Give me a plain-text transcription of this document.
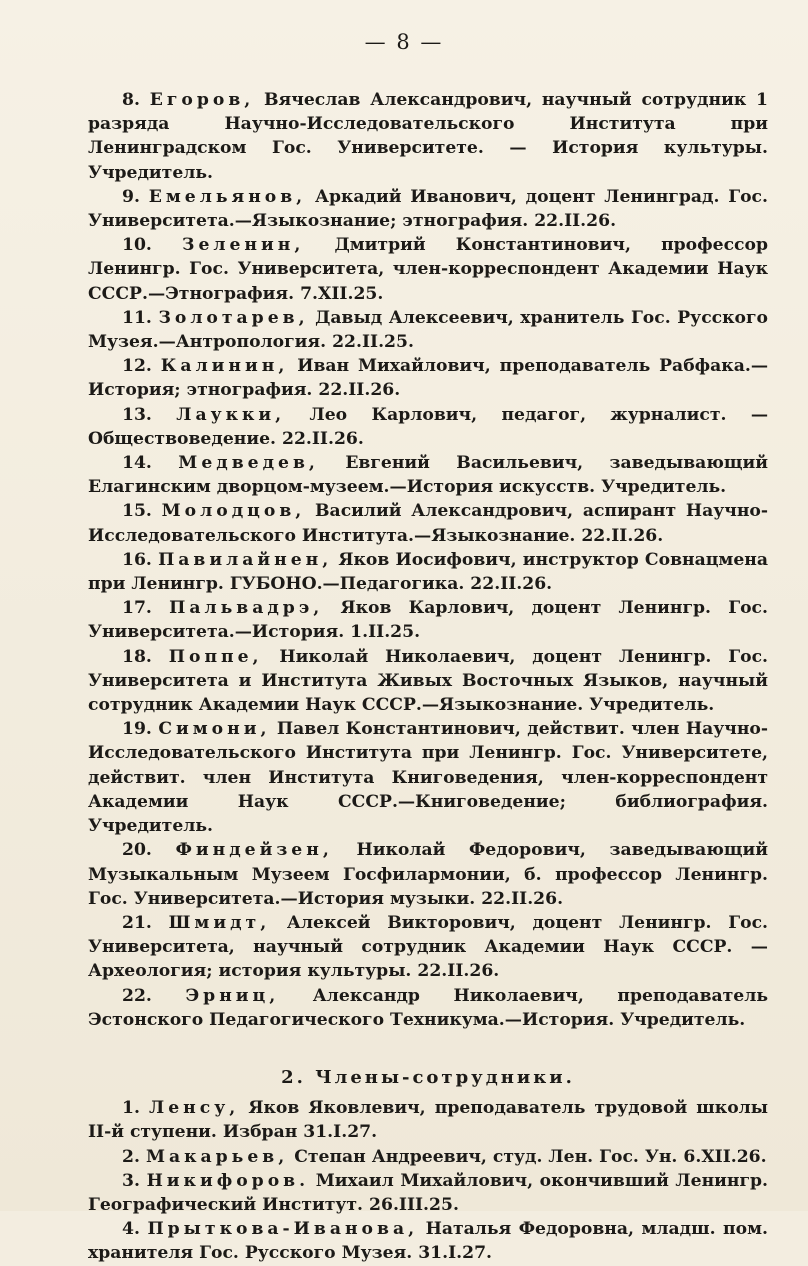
— 8 —
8. Егоров, Вячеслав Александрович, научный сотрудник 1 разряда Научно-Исследовательского Института при Ленинградском Гос. Университете. — История культуры. Учредитель.
9. Емельянов, Аркадий Иванович, доцент Ленинград. Гос. Университета.—Языкознание; этнография. 22.II.26.
10. Зеленин, Дмитрий Константинович, профессор Ленингр. Гос. Университета, член-корреспондент Академии Наук СССР.—Этнография. 7.XII.25.
11. Золотарев, Давыд Алексеевич, хранитель Гос. Русского Музея.—Антропология. 22.II.25.
12. Калинин, Иван Михайлович, преподаватель Рабфака.—История; этнография. 22.II.26.
13. Лаукки, Лео Карлович, педагог, журналист. — Обществоведение. 22.II.26.
14. Медведев, Евгений Васильевич, заведывающий Елагинским дворцом-музеем.—История искусств. Учредитель.
15. Молодцов, Василий Александрович, аспирант Научно-Исследовательского Института.—Языкознание. 22.II.26.
16. Павилайнен, Яков Иосифович, инструктор Совнацмена при Ленингр. ГУБОНО.—Педагогика. 22.II.26.
17. Пальвадрэ, Яков Карлович, доцент Ленингр. Гос. Университета.—История. 1.II.25.
18. Поппе, Николай Николаевич, доцент Ленингр. Гос. Университета и Института Живых Восточных Языков, научный сотрудник Академии Наук СССР.—Языкознание. Учредитель.
19. Симони, Павел Константинович, действит. член Научно-Исследовательского Института при Ленингр. Гос. Университете, действит. член Института Книговедения, член-корреспондент Академии Наук СССР.—Книговедение; библиография. Учредитель.
20. Финдейзен, Николай Федорович, заведывающий Музыкальным Музеем Госфилармонии, б. профессор Ленингр. Гос. Университета.—История музыки. 22.II.26.
21. Шмидт, Алексей Викторович, доцент Ленингр. Гос. Университета, научный сотрудник Академии Наук СССР. — Археология; история культуры. 22.II.26.
22. Эрниц, Александр Николаевич, преподаватель Эстонского Педагогического Техникума.—История. Учредитель.
2. Члены-сотрудники.
1. Ленсу, Яков Яковлевич, преподаватель трудовой школы II-й ступени. Избран 31.I.27.
2. Макарьев, Степан Андреевич, студ. Лен. Гос. Ун. 6.XII.26.
3. Никифоров. Михаил Михайлович, окончивший Ленингр. Географический Институт. 26.III.25.
4. Прыткова-Иванова, Наталья Федоровна, младш. пом. хранителя Гос. Русского Музея. 31.I.27.
